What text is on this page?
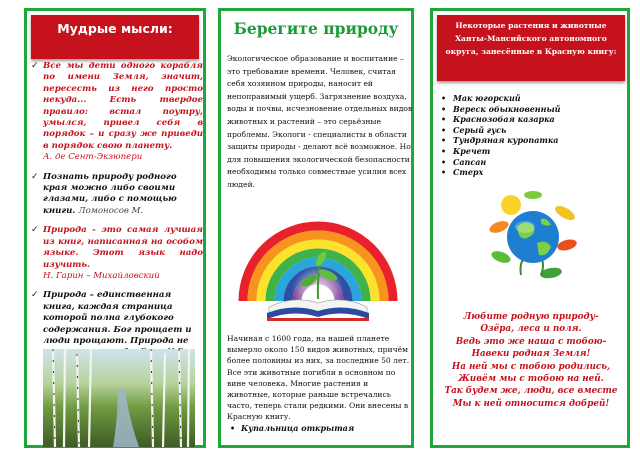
Мудрые мысли:
✓ Все мы дети одного корабля по имени Земля, значит, пересесть из него просто некуда... Есть твердое правило: встал поутру, умылся, привел себя в порядок – и сразу же приведи в порядок свою планету.
А. де Сент-Экзюпери
✓ Познать природу родного края можно либо своими глазами, либо с помощью книги. Ломоносов М.
✓ Природа - это самая лучшая из книг, написанная на особом языке. Этот язык надо изучить.
Н. Гарин – Михайловский
✓ Природа – единственная книга, каждая страница которой полна глубокого содержания. Бог прощает и люди прощают. Природа не
Берегите природу
Экологическое образование и воспитание – это требование времени. Человек, считая себя хозяином природы, наносит ей непоправимый ущерб. Загрязнение воздуха, воды и почвы, исчезновение отдельных видов животных и растений – это серьёзные проблемы. Экологи - специалисты в области защиты природы - делают всё возможное. Но для повышения экологической безопасности необходимы только совместные усилия всех людей.
Начиная с 1600 года, на нашей планете вымерло около 150 видов животных, причём более половины из них, за последние 50 лет. Все эти животные погибли в основном по вине человека. Многие растения и животные, которые раньше встречались часто, теперь стали редкими. Они внесены в Красную книгу.
• Купальница открытая
Некоторые растения и животные Ханты-Мансийского автономного округа, занесённые в Красную книгу:
• Мак югорский
• Вереск обыкновенный
• Краснозобая казарка
• Серый гусь
• Тундряная куропатка
• Кречет
• Сапсан
• Стерх
Любите родную природу-
Озёра, леса и поля.
Ведь это же наша с тобою-
Навеки родная Земля!
На ней мы с тобою родились,
Живём мы с тобою на ней.
Так будем же, люди, все вместе
Мы к ней относится добрей!
